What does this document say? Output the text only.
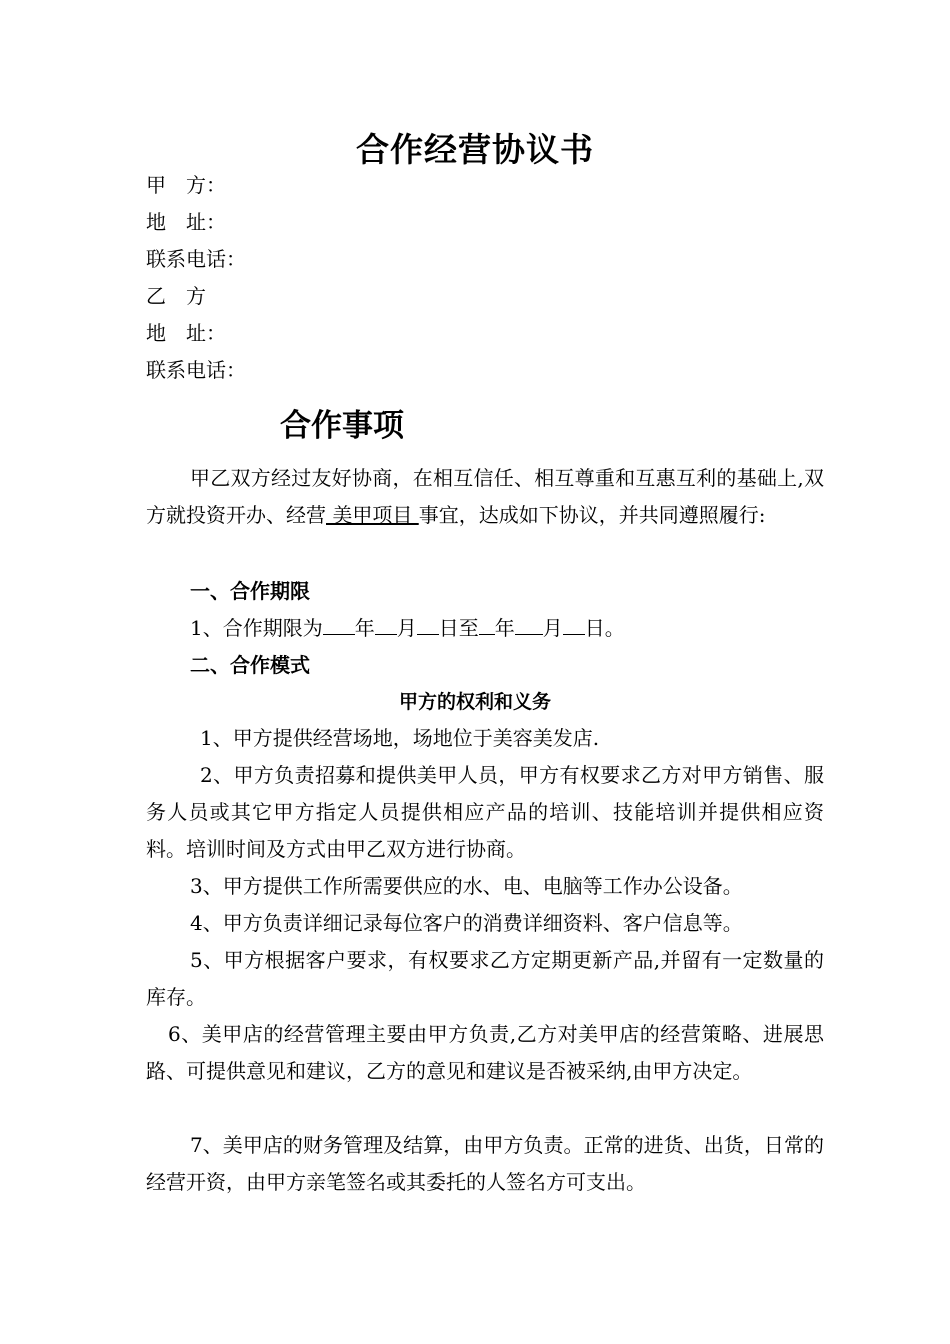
合作经营协议书

甲　方：

地　址：

联系电话：

乙　方

地　址：

联系电话：

合作事项

甲乙双方经过友好协商，在相互信任、相互尊重和互惠互利的基础上,双方就投资开办、经营 美甲项目 事宜，达成如下协议，并共同遵照履行:

一、合作期限

1、合作期限为 年 月 日至 年 月 日。

二、合作模式

甲方的权利和义务

1、甲方提供经营场地，场地位于美容美发店.

2、甲方负责招募和提供美甲人员，甲方有权要求乙方对甲方销售、服务人员或其它甲方指定人员提供相应产品的培训、技能培训并提供相应资料。培训时间及方式由甲乙双方进行协商。

3、甲方提供工作所需要供应的水、电、电脑等工作办公设备。

4、甲方负责详细记录每位客户的消费详细资料、客户信息等。

5、甲方根据客户要求，有权要求乙方定期更新产品,并留有一定数量的库存。

6、美甲店的经营管理主要由甲方负责,乙方对美甲店的经营策略、进展思路、可提供意见和建议，乙方的意见和建议是否被采纳,由甲方决定。

7、美甲店的财务管理及结算，由甲方负责。正常的进货、出货，日常的经营开资，由甲方亲笔签名或其委托的人签名方可支出。
